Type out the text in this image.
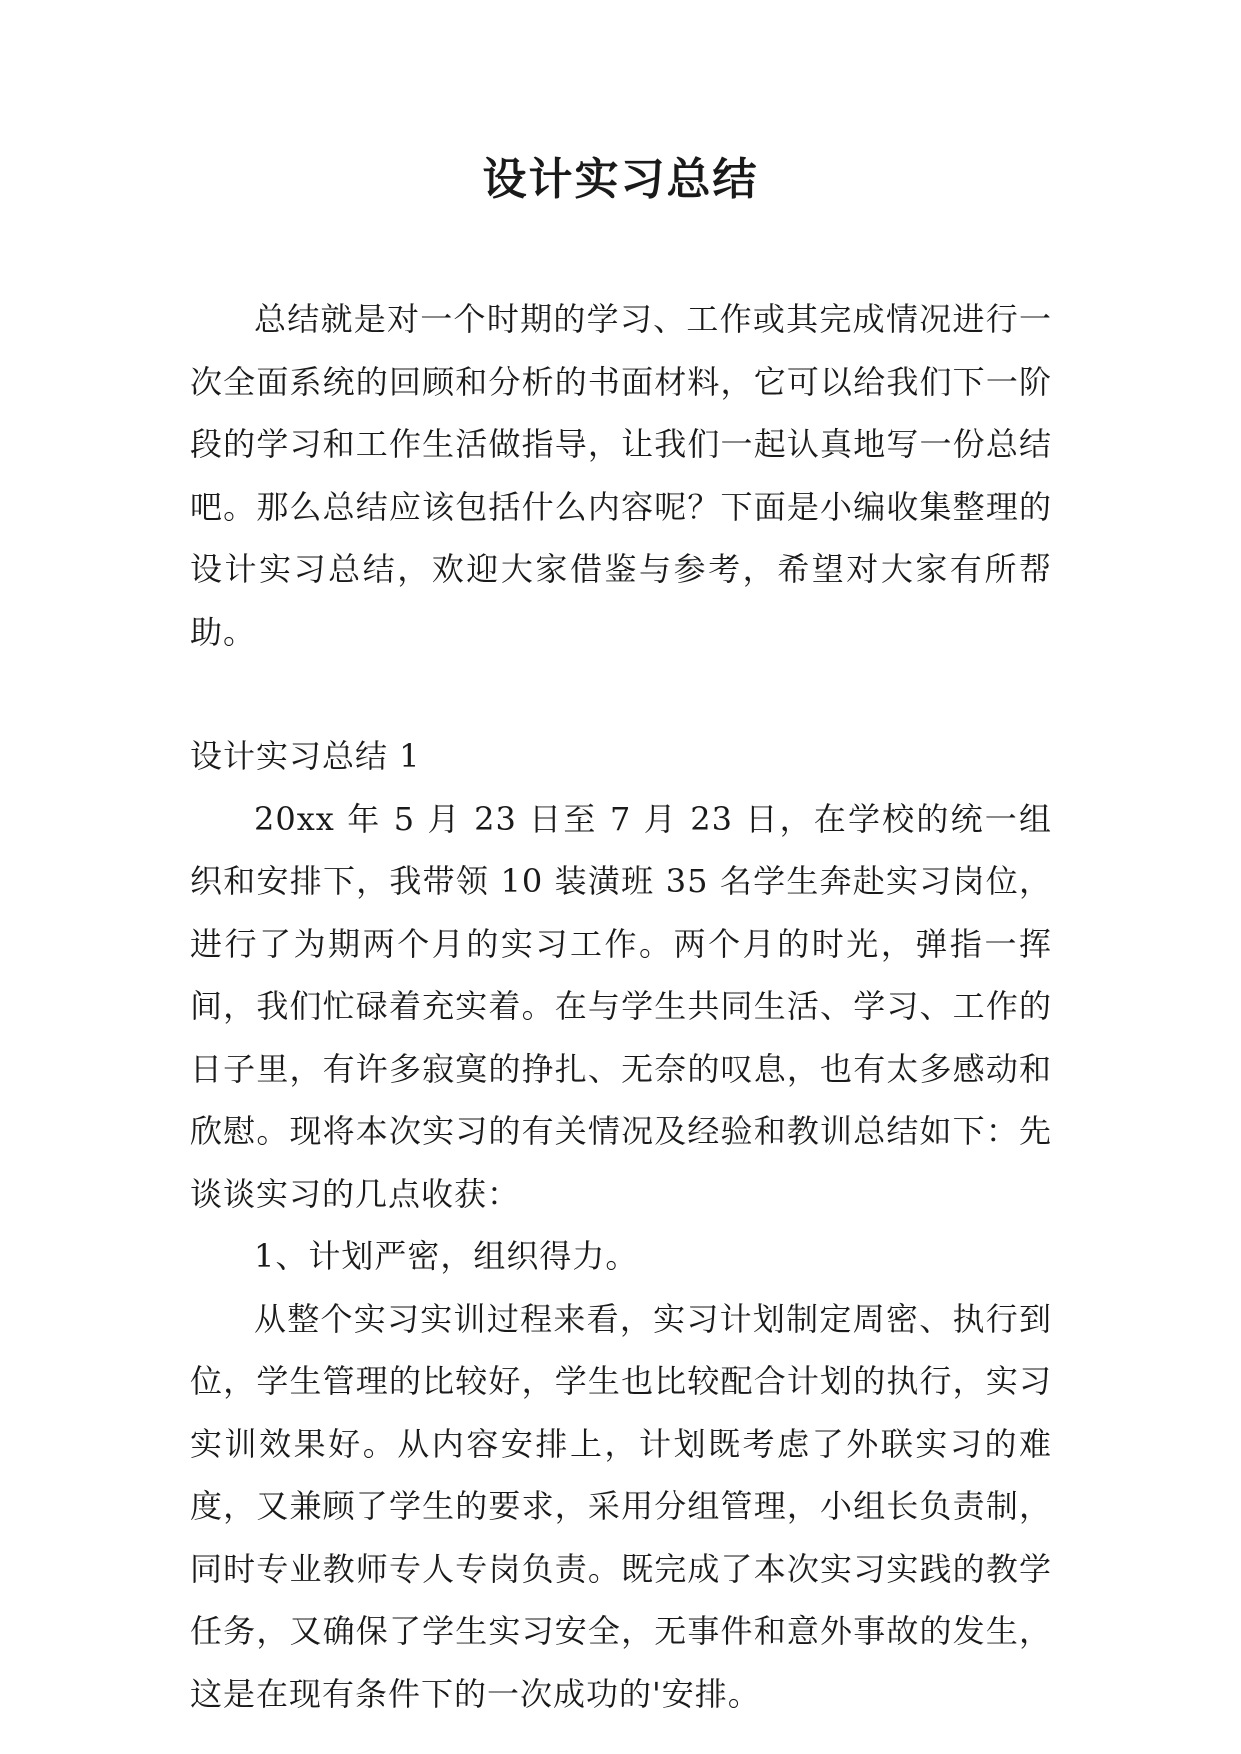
设计实习总结

总结就是对一个时期的学习、工作或其完成情况进行一次全面系统的回顾和分析的书面材料，它可以给我们下一阶段的学习和工作生活做指导，让我们一起认真地写一份总结吧。那么总结应该包括什么内容呢？下面是小编收集整理的设计实习总结，欢迎大家借鉴与参考，希望对大家有所帮助。

设计实习总结 1

20xx 年 5 月 23 日至 7 月 23 日，在学校的统一组织和安排下，我带领 10 装潢班 35 名学生奔赴实习岗位，进行了为期两个月的实习工作。两个月的时光，弹指一挥间，我们忙碌着充实着。在与学生共同生活、学习、工作的日子里，有许多寂寞的挣扎、无奈的叹息，也有太多感动和欣慰。现将本次实习的有关情况及经验和教训总结如下：先谈谈实习的几点收获：

1、计划严密，组织得力。

从整个实习实训过程来看，实习计划制定周密、执行到位，学生管理的比较好，学生也比较配合计划的执行，实习实训效果好。从内容安排上，计划既考虑了外联实习的难度，又兼顾了学生的要求，采用分组管理，小组长负责制，同时专业教师专人专岗负责。既完成了本次实习实践的教学任务，又确保了学生实习安全，无事件和意外事故的发生，这是在现有条件下的一次成功的'安排。
